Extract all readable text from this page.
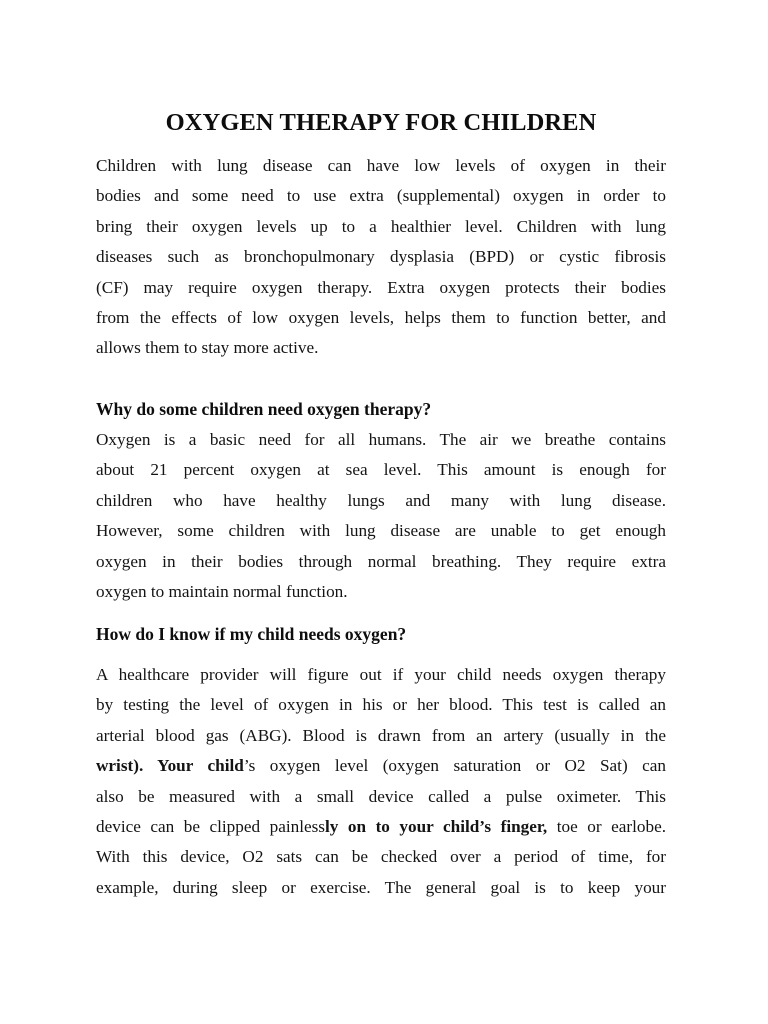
OXYGEN THERAPY FOR CHILDREN
Children with lung disease can have low levels of oxygen in their
bodies and some need to use extra (supplemental) oxygen in order to
bring their oxygen levels up to a healthier level. Children with lung
diseases such as bronchopulmonary dysplasia (BPD) or cystic fibrosis
(CF) may require oxygen therapy. Extra oxygen protects their bodies
from the effects of low oxygen levels, helps them to function better, and
allows them to stay more active.
Why do some children need oxygen therapy?
Oxygen is a basic need for all humans. The air we breathe contains
about 21 percent oxygen at sea level. This amount is enough for
children who have healthy lungs and many with lung disease.
However, some children with lung disease are unable to get enough
oxygen in their bodies through normal breathing. They require extra
oxygen to maintain normal function.
How do I know if my child needs oxygen?
A healthcare provider will figure out if your child needs oxygen therapy
by testing the level of oxygen in his or her blood. This test is called an
arterial blood gas (ABG). Blood is drawn from an artery (usually in the
wrist). Your child’s oxygen level (oxygen saturation or O2 Sat) can
also be measured with a small device called a pulse oximeter. This
device can be clipped painlessly on to your child’s finger, toe or earlobe.
With this device, O2 sats can be checked over a period of time, for
example, during sleep or exercise. The general goal is to keep your
